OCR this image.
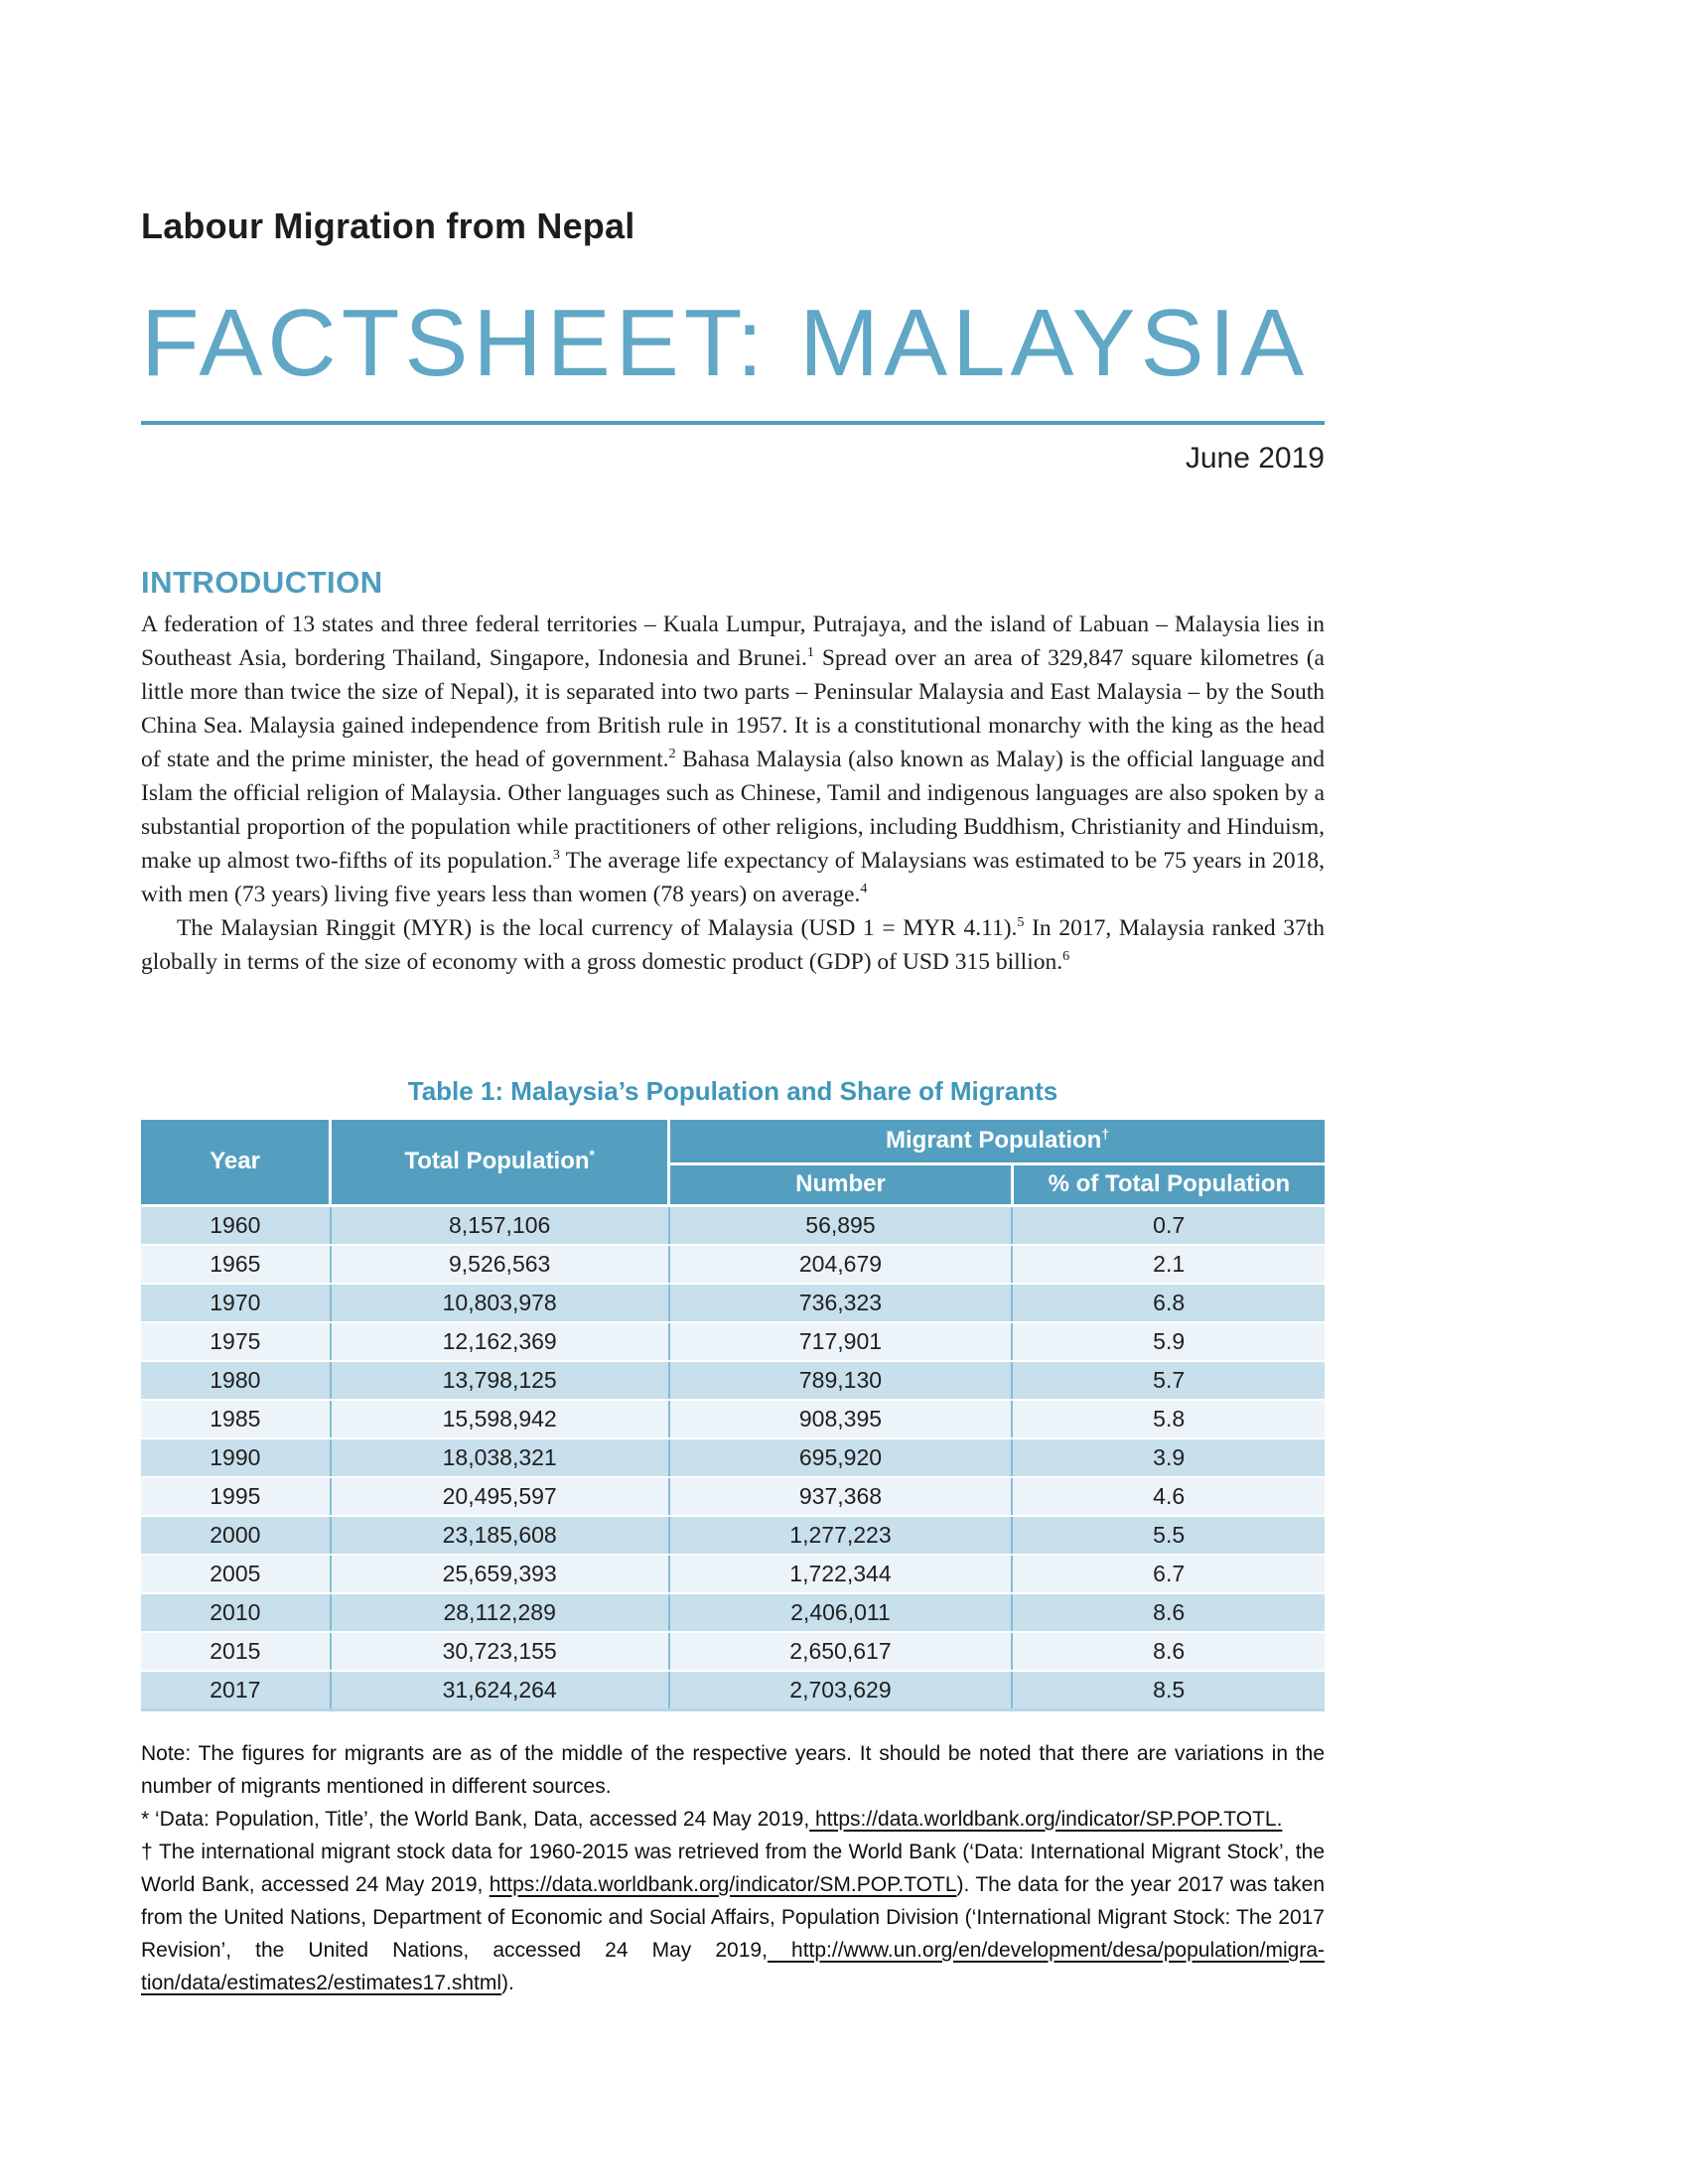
Labour Migration from Nepal
FACTSHEET: MALAYSIA
June 2019
INTRODUCTION

A federation of 13 states and three federal territories – Kuala Lumpur, Putrajaya, and the island of Labuan – Malaysia lies in Southeast Asia, bordering Thailand, Singapore, Indonesia and Brunei.$^1$ Spread over an area of 329,847 square kilometres (a little more than twice the size of Nepal), it is separated into two parts – Peninsular Malaysia and East Malaysia – by the South China Sea. Malaysia gained independence from British rule in 1957. It is a constitutional monarchy with the king as the head of state and the prime minister, the head of government.$^2$ Bahasa Malaysia (also known as Malay) is the official language and Islam the official religion of Malaysia. Other languages such as Chinese, Tamil and indigenous languages are also spoken by a substantial proportion of the population while practitioners of other religions, including Buddhism, Christianity and Hinduism, make up almost two-fifths of its population.$^3$ The average life expectancy of Malaysians was estimated to be 75 years in 2018, with men (73 years) living five years less than women (78 years) on average.$^4$

The Malaysian Ringgit (MYR) is the local currency of Malaysia (USD 1 = MYR 4.11).$^5$ In 2017, Malaysia ranked 37th globally in terms of the size of economy with a gross domestic product (GDP) of USD 315 billion.$^6$

Table 1: Malaysia’s Population and Share of Migrants
Year	Total Population*	Migrant Population†
		Number	% of Total Population
1960	8,157,106	56,895	0.7
1965	9,526,563	204,679	2.1
1970	10,803,978	736,323	6.8
1975	12,162,369	717,901	5.9
1980	13,798,125	789,130	5.7
1985	15,598,942	908,395	5.8
1990	18,038,321	695,920	3.9
1995	20,495,597	937,368	4.6
2000	23,185,608	1,277,223	5.5
2005	25,659,393	1,722,344	6.7
2010	28,112,289	2,406,011	8.6
2015	30,723,155	2,650,617	8.6
2017	31,624,264	2,703,629	8.5

Note: The figures for migrants are as of the middle of the respective years. It should be noted that there are variations in the number of migrants mentioned in different sources.

* ‘Data: Population, Title’, the World Bank, Data, accessed 24 May 2019, https://data.worldbank.org/indicator/SP.POP.TOTL.

† The international migrant stock data for 1960-2015 was retrieved from the World Bank (‘Data: International Migrant Stock’, the World Bank, accessed 24 May 2019, https://data.worldbank.org/indicator/SM.POP.TOTL). The data for the year 2017 was taken from the United Nations, Department of Economic and Social Affairs, Population Division (‘International Migrant Stock: The 2017 Revision’, the United Nations, accessed 24 May 2019, http://www.un.org/en/development/desa/population/migra-tion/data/estimates2/estimates17.shtml).
